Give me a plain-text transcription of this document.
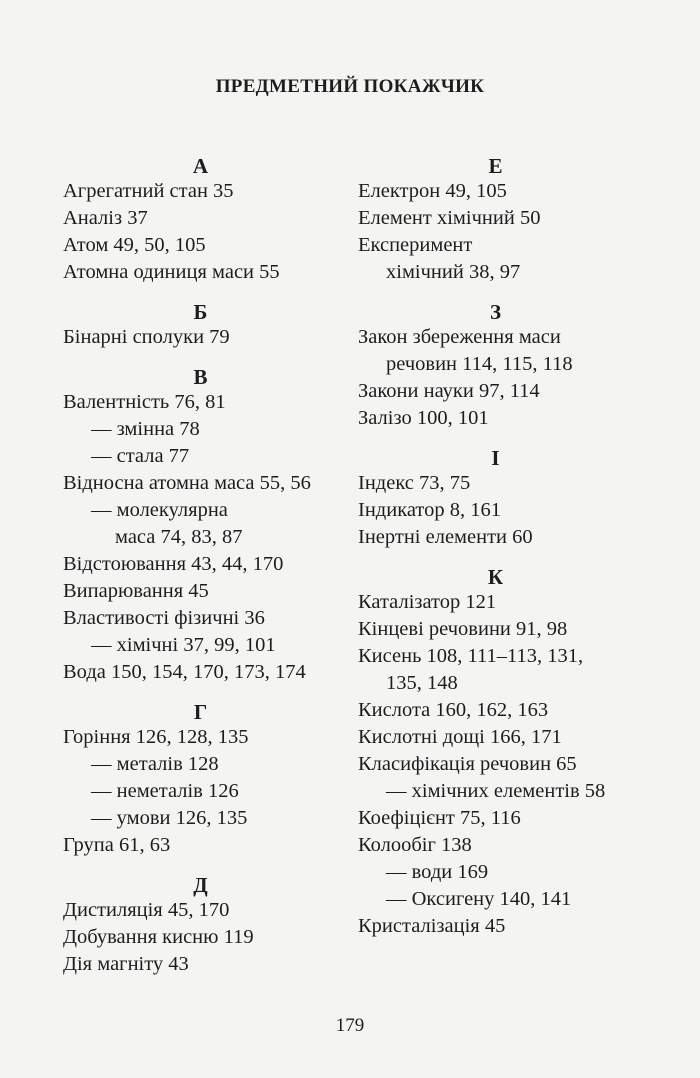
ПРЕДМЕТНИЙ ПОКАЖЧИК
А
Агрегатний стан 35
Аналіз 37
Атом 49, 50, 105
Атомна одиниця маси 55
Б
Бінарні сполуки 79
В
Валентність 76, 81
— змінна 78
— стала 77
Відносна атомна маса 55, 56
— молекулярна
маса 74, 83, 87
Відстоювання 43, 44, 170
Випарювання 45
Властивості фізичні 36
— хімічні 37, 99, 101
Вода 150, 154, 170, 173, 174
Г
Горіння 126, 128, 135
— металів 128
— неметалів 126
— умови 126, 135
Група 61, 63
Д
Дистиляція 45, 170
Добування кисню 119
Дія магніту 43
Е
Електрон 49, 105
Елемент хімічний 50
Експеримент
хімічний 38, 97
З
Закон збереження маси
речовин 114, 115, 118
Закони науки 97, 114
Залізо 100, 101
І
Індекс 73, 75
Індикатор 8, 161
Інертні елементи 60
К
Каталізатор 121
Кінцеві речовини 91, 98
Кисень 108, 111–113, 131,
135, 148
Кислота 160, 162, 163
Кислотні дощі 166, 171
Класифікація речовин 65
— хімічних елементів 58
Коефіцієнт 75, 116
Колообіг 138
— води 169
— Оксигену 140, 141
Кристалізація 45
179
